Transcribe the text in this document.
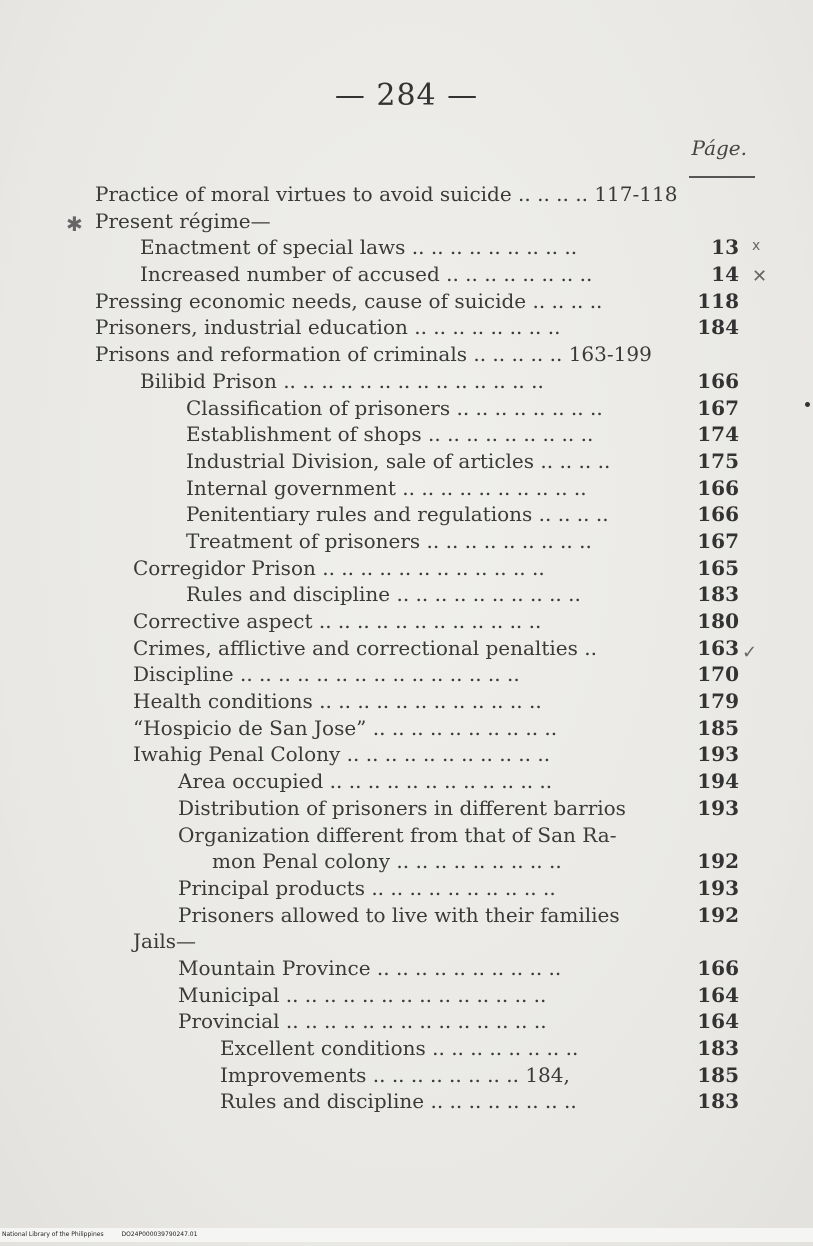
— 284 —
Páge.
Practice of moral virtues to avoid suicide .. .. .. .. 117-118
Present régime—
Enactment of special laws .. .. .. .. .. .. .. .. ..	13
Increased number of accused .. .. .. .. .. .. .. ..	14
Pressing economic needs, cause of suicide .. .. .. ..	118
Prisoners, industrial education .. .. .. .. .. .. .. ..	184
Prisons and reformation of criminals .. .. .. .. .. 163-199
Bilibid Prison .. .. .. .. .. .. .. .. .. .. .. .. .. ..	166
Classification of prisoners .. .. .. .. .. .. .. ..	167
Establishment of shops .. .. .. .. .. .. .. .. ..	174
Industrial Division, sale of articles .. .. .. ..	175
Internal government .. .. .. .. .. .. .. .. .. ..	166
Penitentiary rules and regulations .. .. .. ..	166
Treatment of prisoners .. .. .. .. .. .. .. .. ..	167
Corregidor Prison .. .. .. .. .. .. .. .. .. .. .. ..	165
Rules and discipline .. .. .. .. .. .. .. .. .. ..	183
Corrective aspect .. .. .. .. .. .. .. .. .. .. .. ..	180
Crimes, afflictive and correctional penalties ..	163
Discipline .. .. .. .. .. .. .. .. .. .. .. .. .. .. ..	170
Health conditions .. .. .. .. .. .. .. .. .. .. .. ..	179
“Hospicio de San Jose” .. .. .. .. .. .. .. .. .. ..	185
Iwahig Penal Colony .. .. .. .. .. .. .. .. .. .. ..	193
Area occupied .. .. .. .. .. .. .. .. .. .. .. ..	194
Distribution of prisoners in different barrios	193
Organization different from that of San Ra-
mon Penal colony .. .. .. .. .. .. .. .. ..	192
Principal products .. .. .. .. .. .. .. .. .. ..	193
Prisoners allowed to live with their families	192
Jails—
Mountain Province .. .. .. .. .. .. .. .. .. ..	166
Municipal .. .. .. .. .. .. .. .. .. .. .. .. .. ..	164
Provincial .. .. .. .. .. .. .. .. .. .. .. .. .. ..	164
Excellent conditions .. .. .. .. .. .. .. ..	183
Improvements .. .. .. .. .. .. .. .. 184,	185
Rules and discipline .. .. .. .. .. .. .. ..	183
✱
x
✕
✓
National Library of the Philippines	DO24P000039790247.01
